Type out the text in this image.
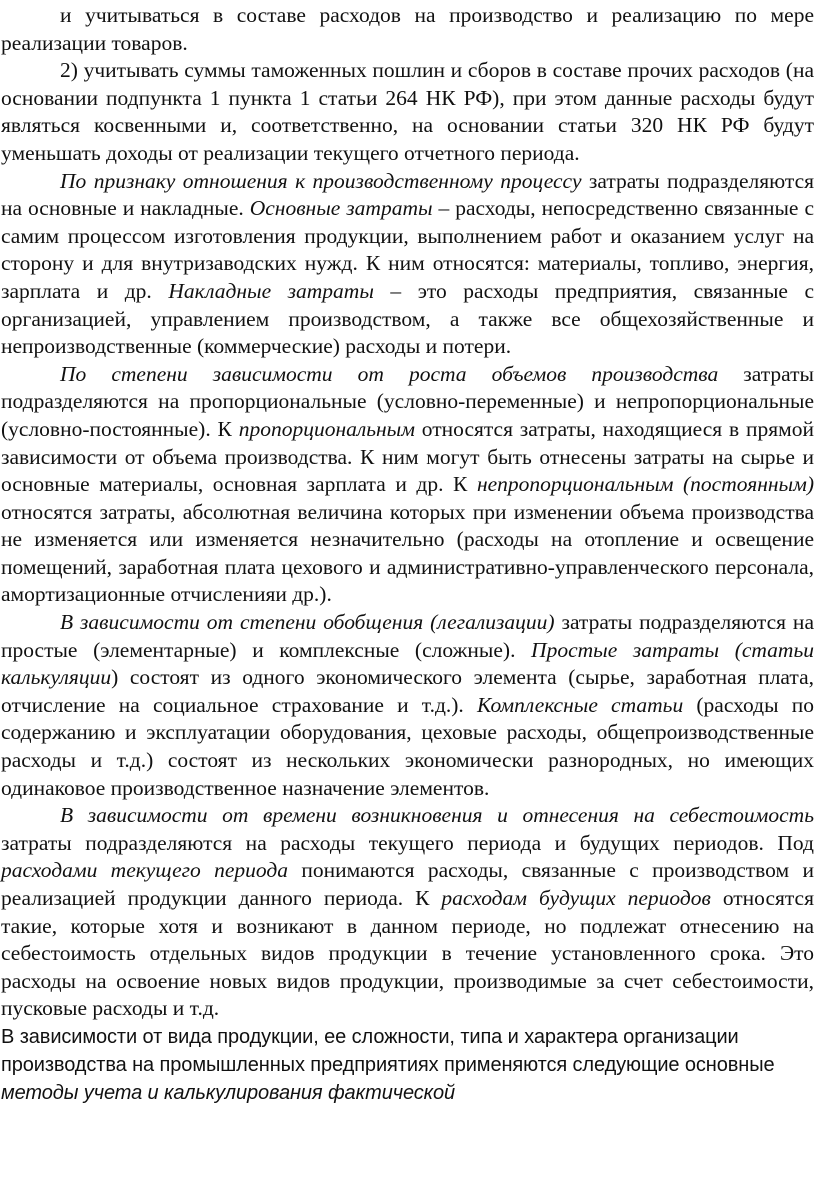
и учитываться в составе расходов на производство и реализацию по мере реализации товаров.

2) учитывать суммы таможенных пошлин и сборов в составе прочих расходов (на основании подпункта 1 пункта 1 статьи 264 НК РФ), при этом данные расходы будут являться косвенными и, соответственно, на основании статьи 320 НК РФ будут уменьшать доходы от реализации текущего отчетного периода.

По признаку отношения к производственному процессу затраты подразделяются на основные и накладные. Основные затраты – расходы, непосредственно связанные с самим процессом изготовления продукции, выполнением работ и оказанием услуг на сторону и для внутризаводских нужд. К ним относятся: материалы, топливо, энергия, зарплата и др. Накладные затраты – это расходы предприятия, связанные с организацией, управлением производством, а также все общехозяйственные и непроизводственные (коммерческие) расходы и потери.

По степени зависимости от роста объемов производства затраты подразделяются на пропорциональные (условно-переменные) и непропорциональные (условно-постоянные). К пропорциональным относятся затраты, находящиеся в прямой зависимости от объема производства. К ним могут быть отнесены затраты на сырье и основные материалы, основная зарплата и др. К непропорциональным (постоянным) относятся затраты, абсолютная величина которых при изменении объема производства не изменяется или изменяется незначительно (расходы на отопление и освещение помещений, заработная плата цехового и административно-управленческого персонала, амортизационные отчисленияи др.).

В зависимости от степени обобщения (легализации) затраты подразделяются на простые (элементарные) и комплексные (сложные). Простые затраты (статьи калькуляции) состоят из одного экономического элемента (сырье, заработная плата, отчисление на социальное страхование и т.д.). Комплексные статьи (расходы по содержанию и эксплуатации оборудования, цеховые расходы, общепроизводственные расходы и т.д.) состоят из нескольких экономически разнородных, но имеющих одинаковое производственное назначение элементов.

В зависимости от времени возникновения и отнесения на себестоимость затраты подразделяются на расходы текущего периода и будущих периодов. Под расходами текущего периода понимаются расходы, связанные с производством и реализацией продукции данного периода. К расходам будущих периодов относятся такие, которые хотя и возникают в данном периоде, но подлежат отнесению на себестоимость отдельных видов продукции в течение установленного срока. Это расходы на освоение новых видов продукции, производимые за счет себестоимости, пусковые расходы и т.д.

В зависимости от вида продукции, ее сложности, типа и характера организации производства на промышленных предприятиях применяются следующие основные методы учета и калькулирования фактической
